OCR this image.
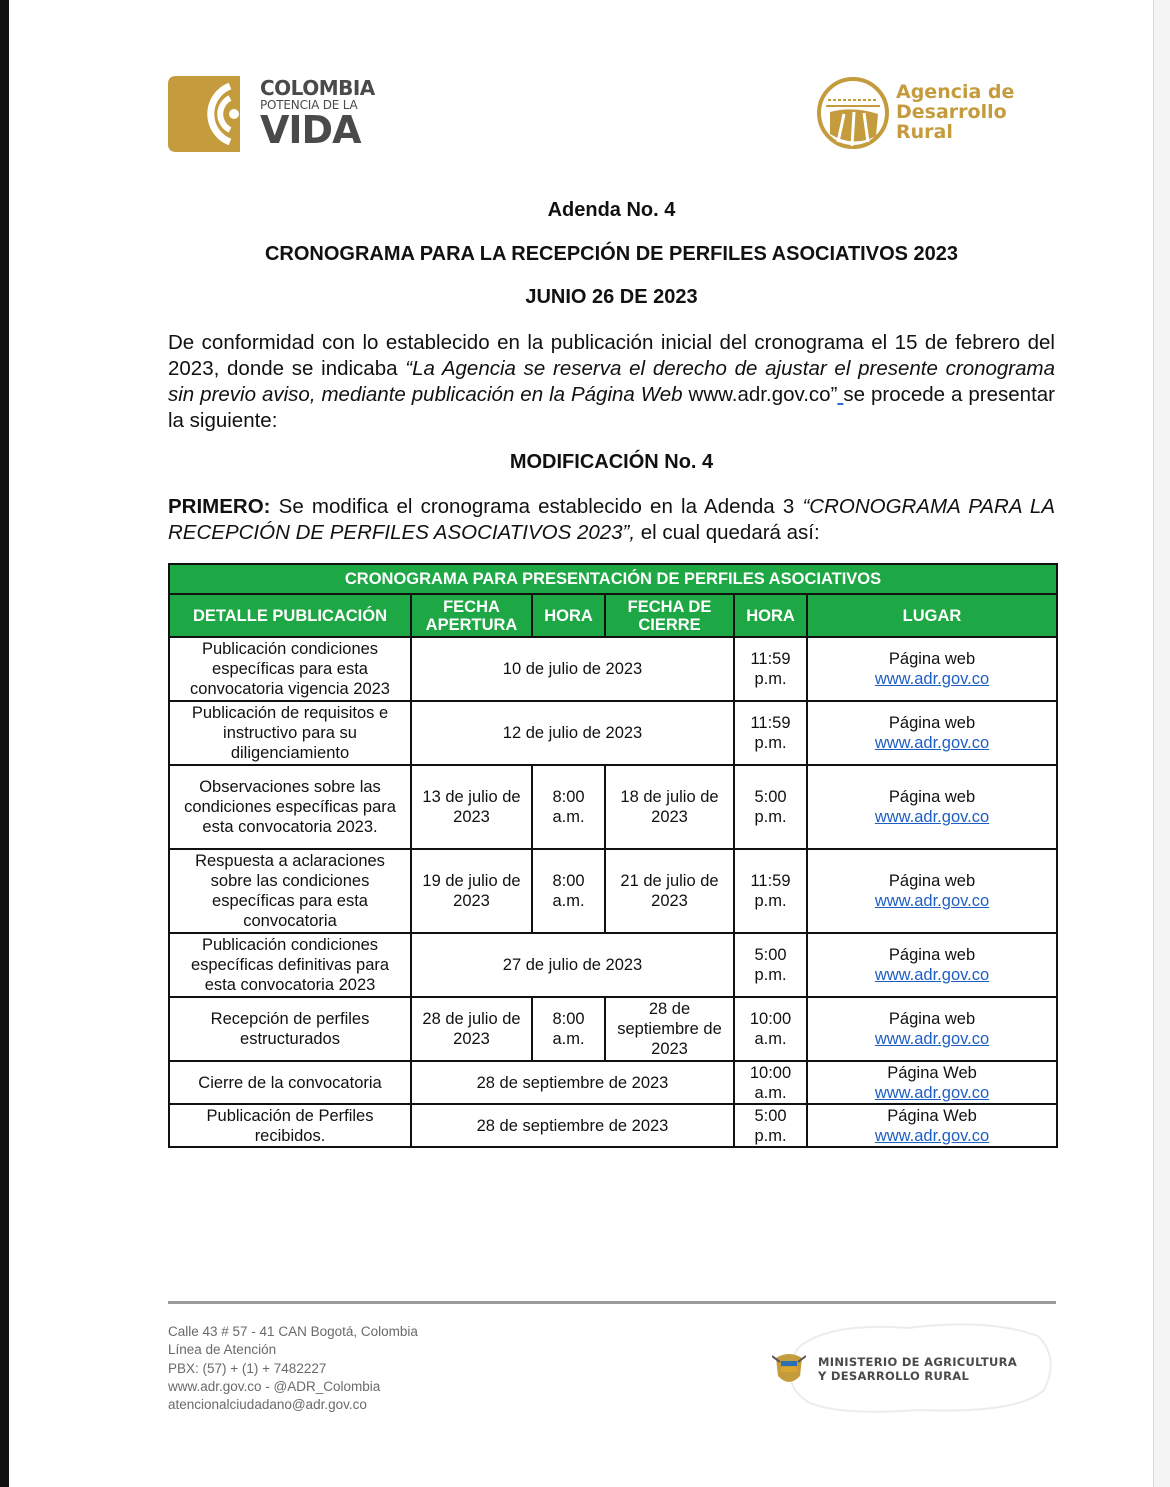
COLOMBIA
POTENCIA DE LA
VIDA
Agencia de
Desarrollo
Rural
Adenda No. 4
CRONOGRAMA PARA LA RECEPCIÓN DE PERFILES ASOCIATIVOS 2023
JUNIO 26 DE 2023
De conformidad con lo establecido en la publicación inicial del cronograma el 15 de febrero del 2023, donde se indicaba “La Agencia se reserva el derecho de ajustar el presente cronograma sin previo aviso, mediante publicación en la Página Web www.adr.gov.co” se procede a presentar la siguiente:
MODIFICACIÓN No. 4
PRIMERO: Se modifica el cronograma establecido en la Adenda 3 “CRONOGRAMA PARA LA RECEPCIÓN DE PERFILES ASOCIATIVOS 2023”, el cual quedará así:
CRONOGRAMA PARA PRESENTACIÓN DE PERFILES ASOCIATIVOS					
DETALLE PUBLICACIÓN	FECHA APERTURA	HORA	FECHA DE CIERRE	HORA	LUGAR
Publicación condiciones específicas para esta convocatoria vigencia 2023	10 de julio de 2023			11:59 p.m.	Página web
www.adr.gov.co

Publicación de requisitos e instructivo para su diligenciamiento	12 de julio de 2023			11:59 p.m.	Página web
www.adr.gov.co

Observaciones sobre las condiciones específicas para esta convocatoria 2023.	13 de julio de 2023	8:00 a.m.	18 de julio de 2023	5:00 p.m.	Página web
www.adr.gov.co

Respuesta a aclaraciones sobre las condiciones específicas para esta convocatoria	19 de julio de 2023	8:00 a.m.	21 de julio de 2023	11:59 p.m.	Página web
www.adr.gov.co

Publicación condiciones específicas definitivas para esta convocatoria 2023	27 de julio de 2023			5:00 p.m.	Página web
www.adr.gov.co

Recepción de perfiles estructurados	28 de julio de 2023	8:00 a.m.	28 de septiembre de 2023	10:00 a.m.	Página web
www.adr.gov.co

Cierre de la convocatoria	28 de septiembre de 2023			10:00 a.m.	Página Web
www.adr.gov.co

Publicación de Perfiles recibidos.	28 de septiembre de 2023			5:00 p.m.	Página Web
www.adr.gov.co
Calle 43 # 57 - 41 CAN Bogotá, Colombia
Línea de Atención
PBX: (57) + (1) + 7482227
www.adr.gov.co - @ADR_Colombia
atencionalciudadano@adr.gov.co
MINISTERIO DE AGRICULTURA
Y DESARROLLO RURAL
